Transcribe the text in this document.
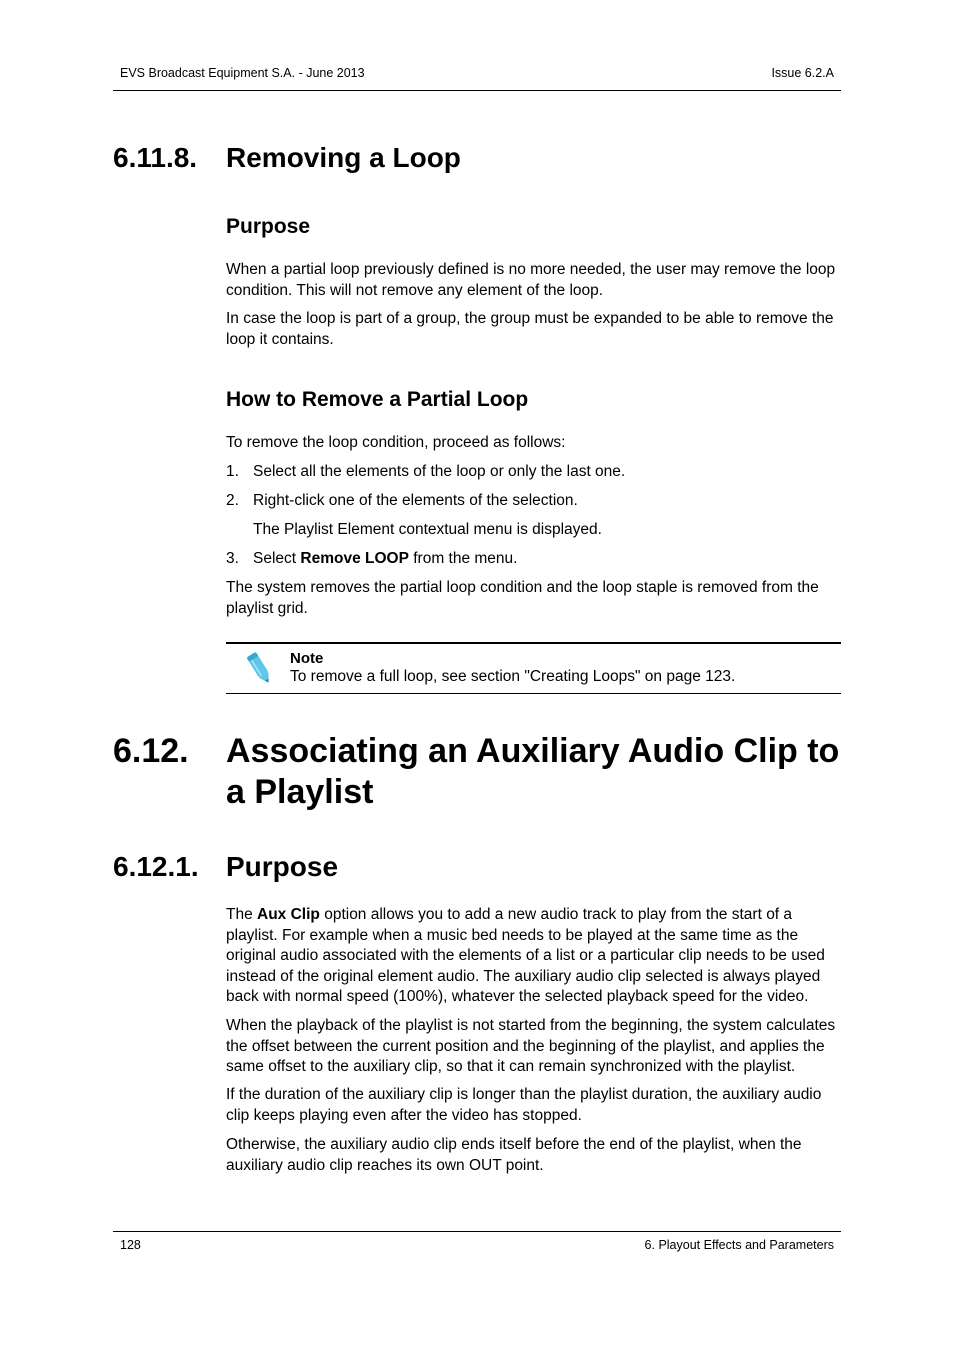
EVS Broadcast Equipment S.A. - June 2013	Issue 6.2.A
6.11.8. Removing a Loop
Purpose
When a partial loop previously defined is no more needed, the user may remove the loop condition. This will not remove any element of the loop.
In case the loop is part of a group, the group must be expanded to be able to remove the loop it contains.
How to Remove a Partial Loop
To remove the loop condition, proceed as follows:
1. Select all the elements of the loop or only the last one.
2. Right-click one of the elements of the selection.
The Playlist Element contextual menu is displayed.
3. Select Remove LOOP from the menu.
The system removes the partial loop condition and the loop staple is removed from the playlist grid.
Note
To remove a full loop, see section "Creating Loops" on page 123.
6.12. Associating an Auxiliary Audio Clip to
a Playlist
6.12.1. Purpose
The Aux Clip option allows you to add a new audio track to play from the start of a playlist. For example when a music bed needs to be played at the same time as the original audio associated with the elements of a list or a particular clip needs to be used instead of the original element audio. The auxiliary audio clip selected is always played back with normal speed (100%), whatever the selected playback speed for the video.
When the playback of the playlist is not started from the beginning, the system calculates the offset between the current position and the beginning of the playlist, and applies the same offset to the auxiliary clip, so that it can remain synchronized with the playlist.
If the duration of the auxiliary clip is longer than the playlist duration, the auxiliary audio clip keeps playing even after the video has stopped.
Otherwise, the auxiliary audio clip ends itself before the end of the playlist, when the auxiliary audio clip reaches its own OUT point.
128	6. Playout Effects and Parameters
